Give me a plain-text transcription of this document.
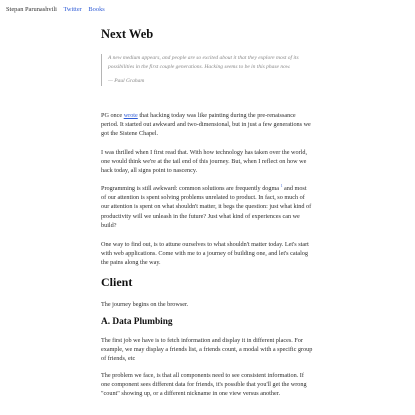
Stepan Parunashvili Twitter Books
Next Web
A new medium appears, and people are so excited about it that they explore most of its possibilities in the first couple generations. Hacking seems to be in this phase now.
— Paul Graham

PG once wrote that hacking today was like painting during the pre-renaissance period. It started out awkward and two-dimensional, but in just a few generations we got the Sistene Chapel.

I was thrilled when I first read that. With how technology has taken over the world, one would think we're at the tail end of this journey. But, when I reflect on how we hack today, all signs point to nascency.

Programming is still awkward: common solutions are frequently dogma $^1$ and most of our attention is spent solving problems unrelated to product. In fact, so much of our attention is spent on what shouldn't matter, it begs the question: just what kind of productivity will we unleash in the future? Just what kind of experiences can we build?

One way to find out, is to attune ourselves to what shouldn't matter today. Let's start with web applications. Come with me to a journey of building one, and let's catalog the pains along the way.

Client

The journey begins on the browser.

A. Data Plumbing

The first job we have is to fetch information and display it in different places. For example, we may display a friends list, a friends count, a modal with a specific group of friends, etc

The problem we face, is that all components need to see consistent information. If one component sees different data for friends, it's possible that you'll get the wrong "count" showing up, or a different nickname in one view versus another.
